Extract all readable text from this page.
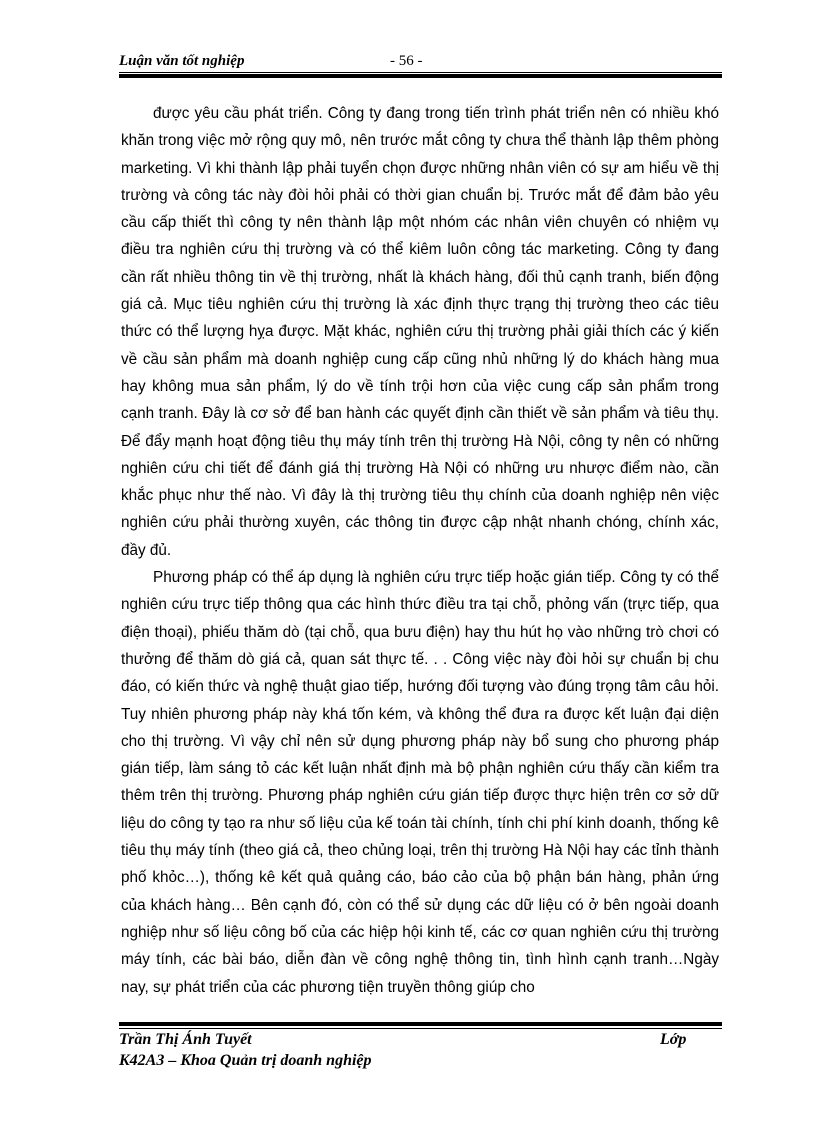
Luận văn tốt nghiệp	- 56 -

được yêu cầu phát triển. Công ty đang trong tiến trình phát triển nên có nhiều khó khăn trong việc mở rộng quy mô, nên trước mắt công ty chưa thể thành lập thêm phòng marketing. Vì khi thành lập phải tuyển chọn được những nhân viên có sự am hiểu về thị trường và công tác này đòi hỏi phải có thời gian chuẩn bị. Trước mắt để đảm bảo yêu cầu cấp thiết thì công ty nên thành lập một nhóm các nhân viên chuyên có nhiệm vụ điều tra nghiên cứu thị trường và có thể kiêm luôn công tác marketing. Công ty đang cần rất nhiều thông tin về thị trường, nhất là khách hàng, đối thủ cạnh tranh, biến động giá cả. Mục tiêu nghiên cứu thị trường là xác định thực trạng thị trường theo các tiêu thức có thể lượng hỵa được. Mặt khác, nghiên cứu thị trường phải giải thích các ý kiến về cầu sản phẩm mà doanh nghiệp cung cấp cũng nhủ những lý do khách hàng mua hay không mua sản phẩm, lý do về tính trội hơn của việc cung cấp sản phẩm trong cạnh tranh. Đây là cơ sở để ban hành các quyết định cần thiết về sản phẩm và tiêu thụ. Để đẩy mạnh hoạt động tiêu thụ máy tính trên thị trường Hà Nội, công ty nên có những nghiên cứu chi tiết để đánh giá thị trường Hà Nội có những ưu nhược điểm nào, cần khắc phục như thế nào. Vì đây là thị trường tiêu thụ chính của doanh nghiệp nên việc nghiên cứu phải thường xuyên, các thông tin được cập nhật nhanh chóng, chính xác, đầy đủ.

Phương pháp có thể áp dụng là nghiên cứu trực tiếp hoặc gián tiếp. Công ty có thể nghiên cứu trực tiếp thông qua các hình thức điều tra tại chỗ, phỏng vấn (trực tiếp, qua điện thoại), phiếu thăm dò (tại chỗ, qua bưu điện) hay thu hút họ vào những trò chơi có thưởng để thăm dò giá cả, quan sát thực tế. . . Công việc này đòi hỏi sự chuẩn bị chu đáo, có kiến thức và nghệ thuật giao tiếp, hướng đối tượng vào đúng trọng tâm câu hỏi. Tuy nhiên phương pháp này khá tốn kém, và không thể đưa ra được kết luận đại diện cho thị trường. Vì vậy chỉ nên sử dụng phương pháp này bổ sung cho phương pháp gián tiếp, làm sáng tỏ các kết luận nhất định mà bộ phận nghiên cứu thấy cần kiểm tra thêm trên thị trường. Phương pháp nghiên cứu gián tiếp được thực hiện trên cơ sở dữ liệu do công ty tạo ra như số liệu của kế toán tài chính, tính chi phí kinh doanh, thống kê tiêu thụ máy tính (theo giá cả, theo chủng loại, trên thị trường Hà Nội hay các tỉnh thành phố khỏc…), thống kê kết quả quảng cáo, báo cảo của bộ phận bán hàng, phản ứng của khách hàng… Bên cạnh đó, còn có thể sử dụng các dữ liệu có ở bên ngoài doanh nghiệp như số liệu công bố của các hiệp hội kinh tế, các cơ quan nghiên cứu thị trường máy tính, các bài báo, diễn đàn về công nghệ thông tin, tình hình cạnh tranh…Ngày nay, sự phát triển của các phương tiện truyền thông giúp cho

Trần Thị Ánh Tuyết	Lớp
K42A3 – Khoa Quản trị doanh nghiệp
